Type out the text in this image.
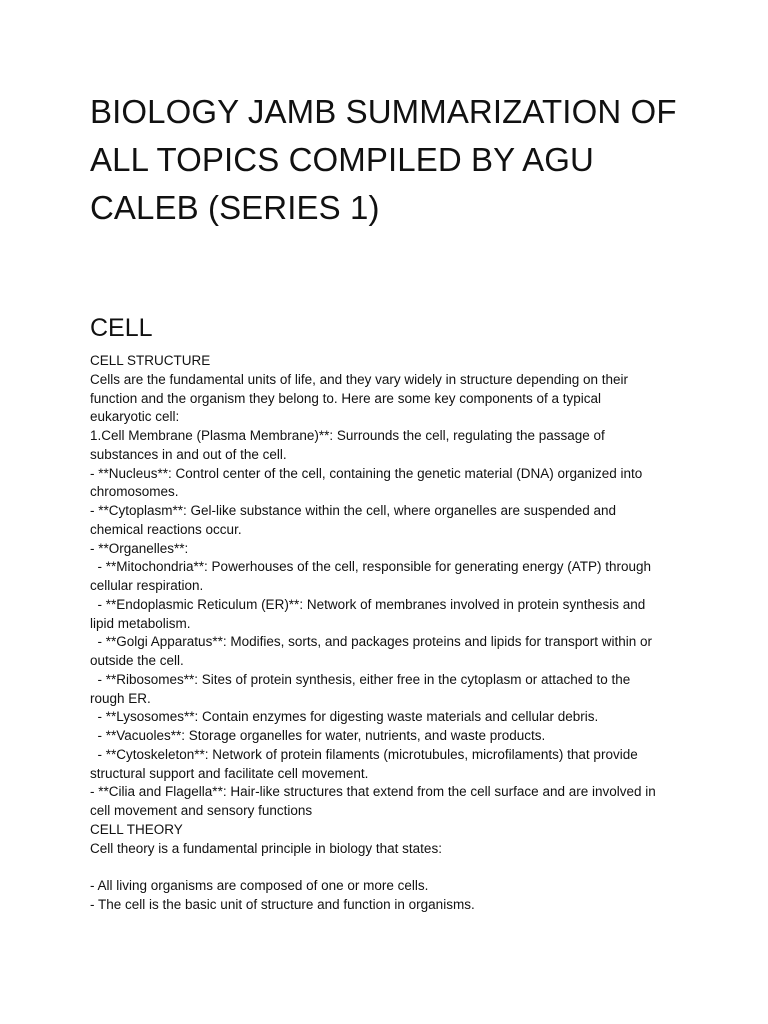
BIOLOGY JAMB SUMMARIZATION OF ALL TOPICS COMPILED BY AGU CALEB (SERIES 1)
CELL
CELL STRUCTURE
Cells are the fundamental units of life, and they vary widely in structure depending on their
function and the organism they belong to. Here are some key components of a typical
eukaryotic cell:
1.Cell Membrane (Plasma Membrane)**: Surrounds the cell, regulating the passage of
substances in and out of the cell.
- **Nucleus**: Control center of the cell, containing the genetic material (DNA) organized into
chromosomes.
- **Cytoplasm**: Gel-like substance within the cell, where organelles are suspended and
chemical reactions occur.
- **Organelles**:
- **Mitochondria**: Powerhouses of the cell, responsible for generating energy (ATP) through
cellular respiration.
- **Endoplasmic Reticulum (ER)**: Network of membranes involved in protein synthesis and
lipid metabolism.
- **Golgi Apparatus**: Modifies, sorts, and packages proteins and lipids for transport within or
outside the cell.
- **Ribosomes**: Sites of protein synthesis, either free in the cytoplasm or attached to the
rough ER.
- **Lysosomes**: Contain enzymes for digesting waste materials and cellular debris.
- **Vacuoles**: Storage organelles for water, nutrients, and waste products.
- **Cytoskeleton**: Network of protein filaments (microtubules, microfilaments) that provide
structural support and facilitate cell movement.
- **Cilia and Flagella**: Hair-like structures that extend from the cell surface and are involved in
cell movement and sensory functions
CELL THEORY
Cell theory is a fundamental principle in biology that states:
- All living organisms are composed of one or more cells.
- The cell is the basic unit of structure and function in organisms.
